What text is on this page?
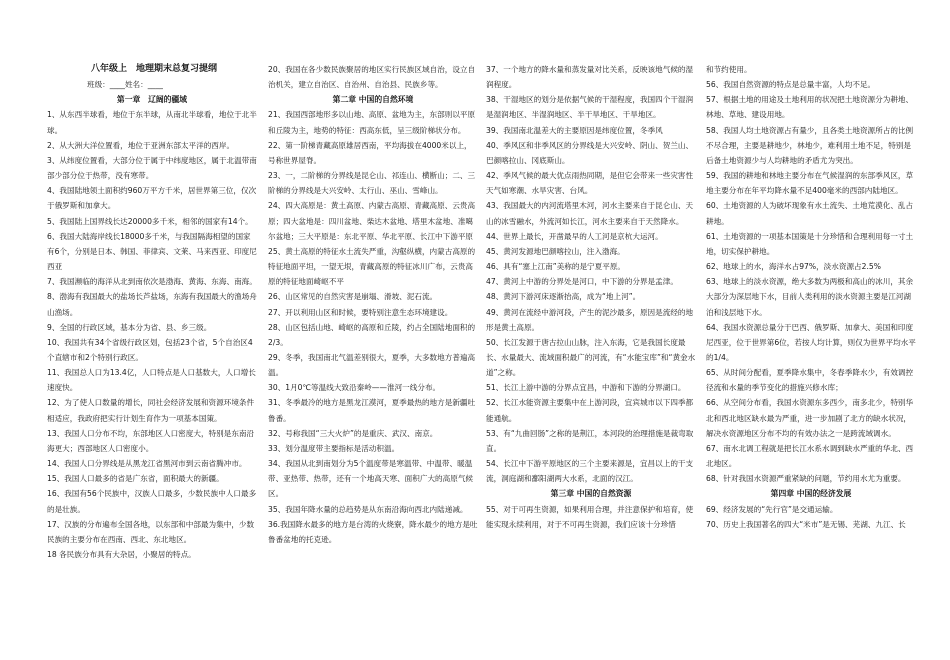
八年级上　地理期末总复习提纲

班级：____姓名：____

第一章　辽阔的疆域

1、从东西半球看，地位于东半球，从南北半球看，地位于北半球。

2、从大洲大洋位置看，地位于亚洲东部太平洋的西岸。

3、从纬度位置看，大部分位于属于中纬度地区，属于北温带南部少部分位于热带，没有寒带。

4、我国陆地领土面积约960万平方千米，居世界第三位，仅次于俄罗斯和加拿大。

5、我国陆上国界线长达20000多千米，相邻的国家有14个。

6、我国大陆海岸线长18000多千米，与我国隔海相望的国家有6个，分别是日本、韩国、菲律宾、文莱、马来西亚、印度尼西亚

7、我国濒临的海洋从北到南依次是渤海、黄海、东海、南海。

8、渤海有我国最大的盐场长芦盐场，东海有我国最大的渔场舟山渔场。

9、全国的行政区域，基本分为省、县、乡三级。

10、我国共有34个省级行政区划，包括23个省，5个自治区4个直辖市和2个特别行政区。

11、我国总人口为13.4亿，人口特点是人口基数大，人口增长速度快。

12、为了使人口数量的增长，同社会经济发展和资源环境条件相适应，我政府把实行计划生育作为一项基本国策。

13、我国人口分布不均，东部地区人口密度大，特别是东南沿海更大；西部地区人口密度小。

14、我国人口分界线是从黑龙江省黑河市到云南省腾冲市。

15、我国人口最多的省是广东省，面积最大的新疆。

16、我国有56个民族中，汉族人口最多，少数民族中人口最多的是壮族。

17、汉族的分布遍布全国各地，以东部和中部最为集中，少数民族的主要分布在西南、西北、东北地区。

18 各民族分布具有大杂居，小聚居的特点。

20、我国在各少数民族聚居的地区实行民族区域自治，设立自治机关，建立自治区、自治州、自治县、民族乡等。

第二章 中国的自然环境

21、我国西部地形多以山地、高原、盆地为主，东部则以平原和丘陵为主，地势的特征：西高东低，呈三级阶梯状分布。

22、第一阶梯青藏高原雄居西南，平均海拔在4000米以上，号称世界屋脊。

23、一，二阶梯的分界线是昆仑山、祁连山、横断山；二、三阶梯的分界线是大兴安岭、太行山、巫山、雪峰山。

24、四大高原是：黄土高原、内蒙古高原、青藏高原、云贵高原；四大盆地是：四川盆地、柴达木盆地、塔里木盆地、准噶尔盆地；三大平原是：东北平原、华北平原、长江中下游平原

25、黄土高原的特征水土流失严重，沟壑纵横，内蒙古高原的特征地面平坦，一望无垠，青藏高原的特征冰川广布，云贵高原的特征地面崎岖不平

26、山区常见的自然灾害是崩塌、滑坡、泥石流。

27、开以利用山区和时候，要特别注意生态环境建设。

28、山区包括山地、崎岖的高原和丘陵，约占全国陆地面积的2/3。

29、冬季，我国南北气温差别很大，夏季，大多数地方普遍高温。

30、1月0℃等温线大致沿秦岭——淮河一线分布。

31、冬季最冷的地方是黑龙江漠河，夏季最热的地方是新疆吐鲁番。

32、号称我国“三大火炉”的是重庆、武汉、南京。

33、划分温度带主要指标是活动积温。

34、我国从北到南划分为5个温度带是寒温带、中温带、暖温带、亚热带、热带，还有一个地高天寒、面积广大的高原气候区。

35、我国年降水量的总趋势是从东南沿海向西北内陆递减。

36.我国降水最多的地方是台湾的火烧寮，降水最少的地方是吐鲁番盆地的托克逊。

37、一个地方的降水量和蒸发量对比关系，反映该地气候的湿润程度。

38、干湿地区的划分是依据气候的干湿程度，我国四个干湿润是湿润地区、半湿润地区、半干旱地区、干旱地区。

39、我国南北温差大的主要原因是纬度位置，冬季风

40、季风区和非季风区的分界线是大兴安岭、阴山、贺兰山、巴颜喀拉山、冈底斯山。

42、季风气候的最大优点雨热同期，是但它会带来一些灾害性天气如寒潮、水旱灾害、台风。

43、我国最大的内河流塔里木河，河水主要来自于昆仑山、天山的冰雪融水，外流河如长江，河水主要来自于天然降水。

44、世界上最长，开凿最早的人工河是京杭大运河。

45、黄河发源地巴颜喀拉山，注入渤海。

46、具有“塞上江南”美称的是宁夏平原。

47、黄河上中游的分界处是河口，中下游的分界是孟津。

48、黄河下游河床逐渐抬高，成为“地上河”。

49、黄河在流经中游河段，产生的泥沙最多，原因是流经的地形是黄土高原。

50、长江发源于唐古拉山山脉，注入东海，它是我国长度最长、水量最大、流域面积最广的河流，有“水能宝库”和“黄金水道”之称。

51、长江上游中游的分界点宜昌，中游和下游的分界湖口。

52、长江水能资源主要集中在上游河段，宜宾城市以下四季都能通航。

53、有“九曲回肠”之称的是荆江，本河段的治理措施是裁弯取直。

54、长江中下游平原地区的三个主要来源是，宜昌以上的干支流，洞庭湖和鄱阳湖两大水系，北面的汉江。

第三章 中国的自然资源

55、对于可再生资源，如果利用合理，并注意保护和培育，使能实现永续利用，对于不可再生资源，我们应该十分珍惜

和节约使用。

56、我国自然资源的特点是总量丰富，人均不足。

57、根据土地的用途及土地利用的状况把土地资源分为耕地、林地、草地、建设用地。

58、我国人均土地资源占有量少，且各类土地资源所占的比例不尽合理，主要是耕地少，林地少，难利用土地不足，特别是后备土地资源少与人均耕地的矛盾尤为突出。

59、我国的耕地和林地主要分布在气候湿润的东部季风区，草地主要分布在年平均降水量不足400毫米的西部内陆地区。

60、土地资源的人为破坏现象有水土流失、土地荒漠化、乱占耕地。

61、土地资源的一项基本国策是十分珍惜和合理利用每一寸土地，切实保护耕地。

62、地球上的水，海洋水占97%，淡水资源占2.5%

63、地球上的淡水资源，绝大多数为两极和高山的冰川，其余大部分为深层地下水，目前人类利用的淡水资源主要是江河湖泊和浅层地下水。

64、我国水资源总量分于巴西、俄罗斯、加拿大、美国和印度尼西亚，位于世界第6位，若按人均计算，则仅为世界平均水平的1/4。

65、从时间分配看，夏季降水集中，冬春季降水少，有效调控径流和水量的季节变化的措施兴修水库；

66、从空间分布看，我国水资源东多西少，南多北少，特别华北和西北地区缺水最为严重，进一步加剧了北方的缺水状况，解决水资源地区分布不均的有效办法之一是跨流域调水。

67、南水北调工程就是把长江水系水调到缺水严重的华北、西北地区。

68、针对我国水资源严重紧缺的问题，节约用水尤为重要。

第四章 中国的经济发展

69、经济发展的“先行官”是交通运输。

70、历史上我国著名的四大“米市”是无锡、芜湖、九江、长
